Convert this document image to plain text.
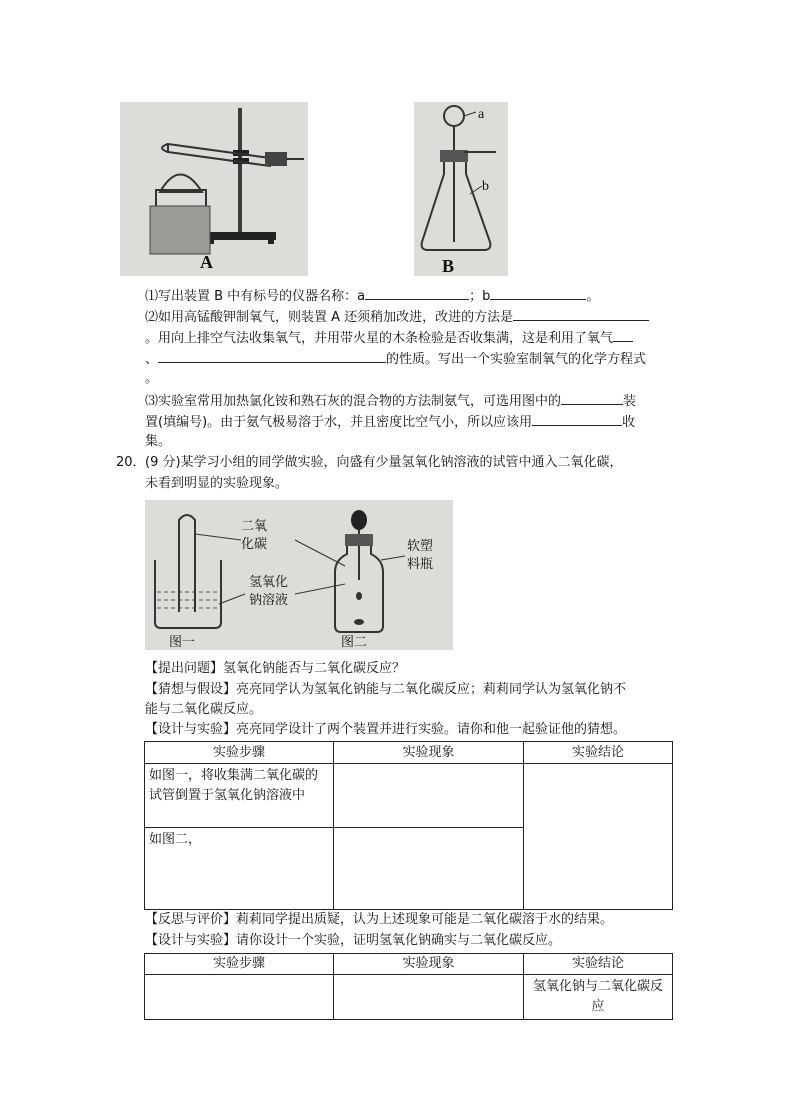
A
a
b
B
⑴写出装置 B 中有标号的仪器名称：a	；b	。
⑵如用高锰酸钾制氧气，则装置 A 还须稍加改进，改进的方法是
。用向上排空气法收集氧气，并用带火星的木条检验是否收集满，这是利用了氧气
、	的性质。写出一个实验室制氧气的化学方程式
。
⑶实验室常用加热氯化铵和熟石灰的混合物的方法制氨气，可选用图中的	装
置(填编号)。由于氨气极易溶于水，并且密度比空气小，所以应该用	收
集。
20． (9 分)某学习小组的同学做实验，向盛有少量氢氧化钠溶液的试管中通入二氧化碳，
未看到明显的实验现象。
二氧
化碳
氢氧化
钠溶液
软塑
料瓶
图一	图二
【提出问题】氢氧化钠能否与二氧化碳反应？
【猜想与假设】亮亮同学认为氢氧化钠能与二氧化碳反应；莉莉同学认为氢氧化钠不
能与二氧化碳反应。
【设计与实验】亮亮同学设计了两个装置并进行实验。请你和他一起验证他的猜想。
实验步骤	实验现象	实验结论
如图一，将收集满二氧化碳的试管倒置于氢氧化钠溶液中		
如图二，		
【反思与评价】莉莉同学提出质疑，认为上述现象可能是二氧化碳溶于水的结果。
【设计与实验】请你设计一个实验，证明氢氧化钠确实与二氧化碳反应。
实验步骤	实验现象	实验结论
		氢氧化钠与二氧化碳反应
